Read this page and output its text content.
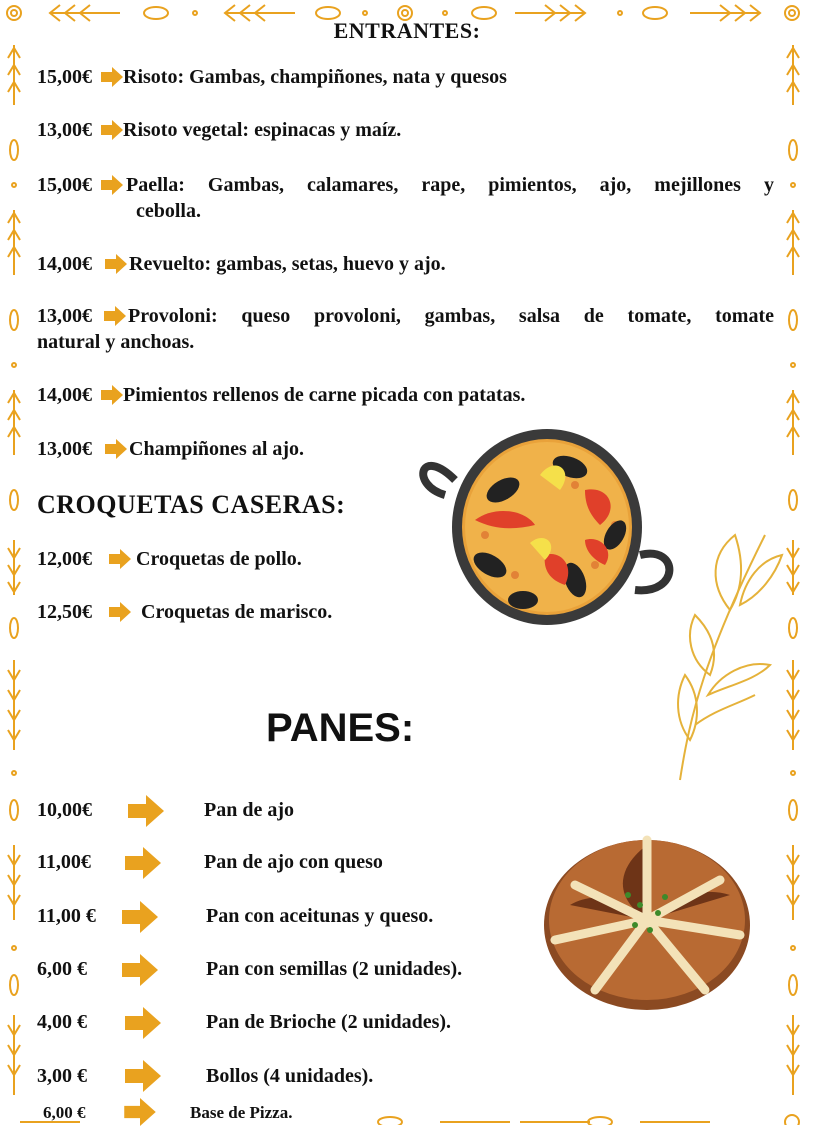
ENTRANTES:
15,00€ Risoto: Gambas, champiñones, nata y quesos
13,00€ Risoto vegetal: espinacas y maíz.
15,00€ Paella: Gambas, calamares, rape, pimientos, ajo, mejillones y
cebolla.
14,00€ Revuelto: gambas, setas, huevo y ajo.
13,00€ Provoloni: queso provoloni, gambas, salsa de tomate, tomate
natural y anchoas.
14,00€ Pimientos rellenos de carne picada con patatas.
13,00€ Champiñones al ajo.
CROQUETAS CASERAS:
12,00€ Croquetas de pollo.
12,50€ Croquetas de marisco.
PANES:
10,00€	Pan de ajo
11,00€	Pan de ajo con queso
11,00 €	Pan con aceitunas y queso.
6,00 €	Pan con semillas (2 unidades).
4,00 €	Pan de Brioche (2 unidades).
3,00 €	Bollos (4 unidades).
6,00 €	Base de Pizza.
